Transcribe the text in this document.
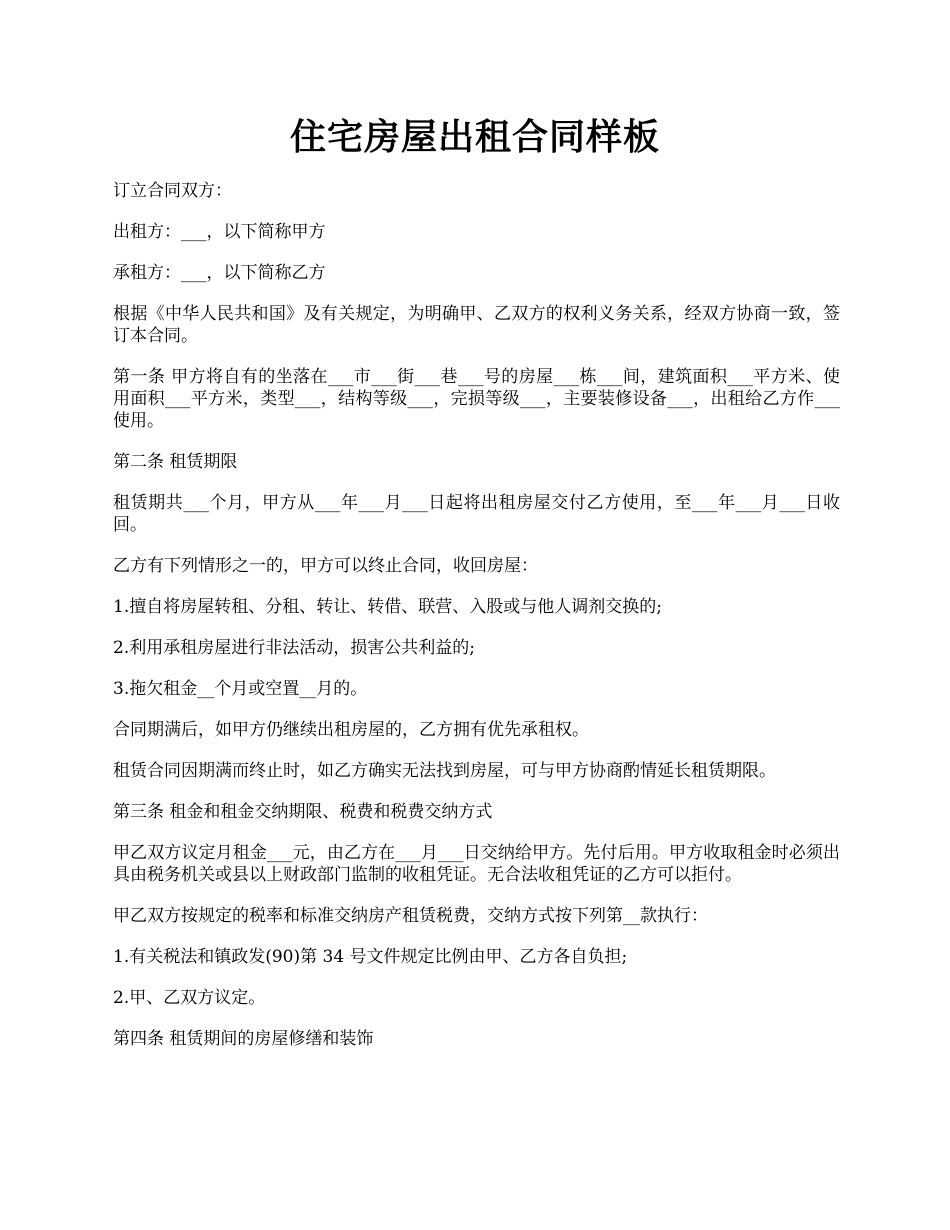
住宅房屋出租合同样板

订立合同双方：

出租方：___，以下简称甲方

承租方：___，以下简称乙方

根据《中华人民共和国》及有关规定，为明确甲、乙双方的权利义务关系，经双方协商一致，签订本合同。

第一条 甲方将自有的坐落在___市___街___巷___号的房屋___栋___间，建筑面积___平方米、使用面积___平方米，类型___，结构等级___，完损等级___，主要装修设备___，出租给乙方作___使用。

第二条 租赁期限

租赁期共___个月，甲方从___年___月___日起将出租房屋交付乙方使用，至___年___月___日收回。

乙方有下列情形之一的，甲方可以终止合同，收回房屋：

1.擅自将房屋转租、分租、转让、转借、联营、入股或与他人调剂交换的;

2.利用承租房屋进行非法活动，损害公共利益的;

3.拖欠租金__个月或空置__月的。

合同期满后，如甲方仍继续出租房屋的，乙方拥有优先承租权。

租赁合同因期满而终止时，如乙方确实无法找到房屋，可与甲方协商酌情延长租赁期限。

第三条 租金和租金交纳期限、税费和税费交纳方式

甲乙双方议定月租金___元，由乙方在___月___日交纳给甲方。先付后用。甲方收取租金时必须出具由税务机关或县以上财政部门监制的收租凭证。无合法收租凭证的乙方可以拒付。

甲乙双方按规定的税率和标准交纳房产租赁税费，交纳方式按下列第__款执行：

1.有关税法和镇政发(90)第 34 号文件规定比例由甲、乙方各自负担;

2.甲、乙双方议定。

第四条 租赁期间的房屋修缮和装饰
